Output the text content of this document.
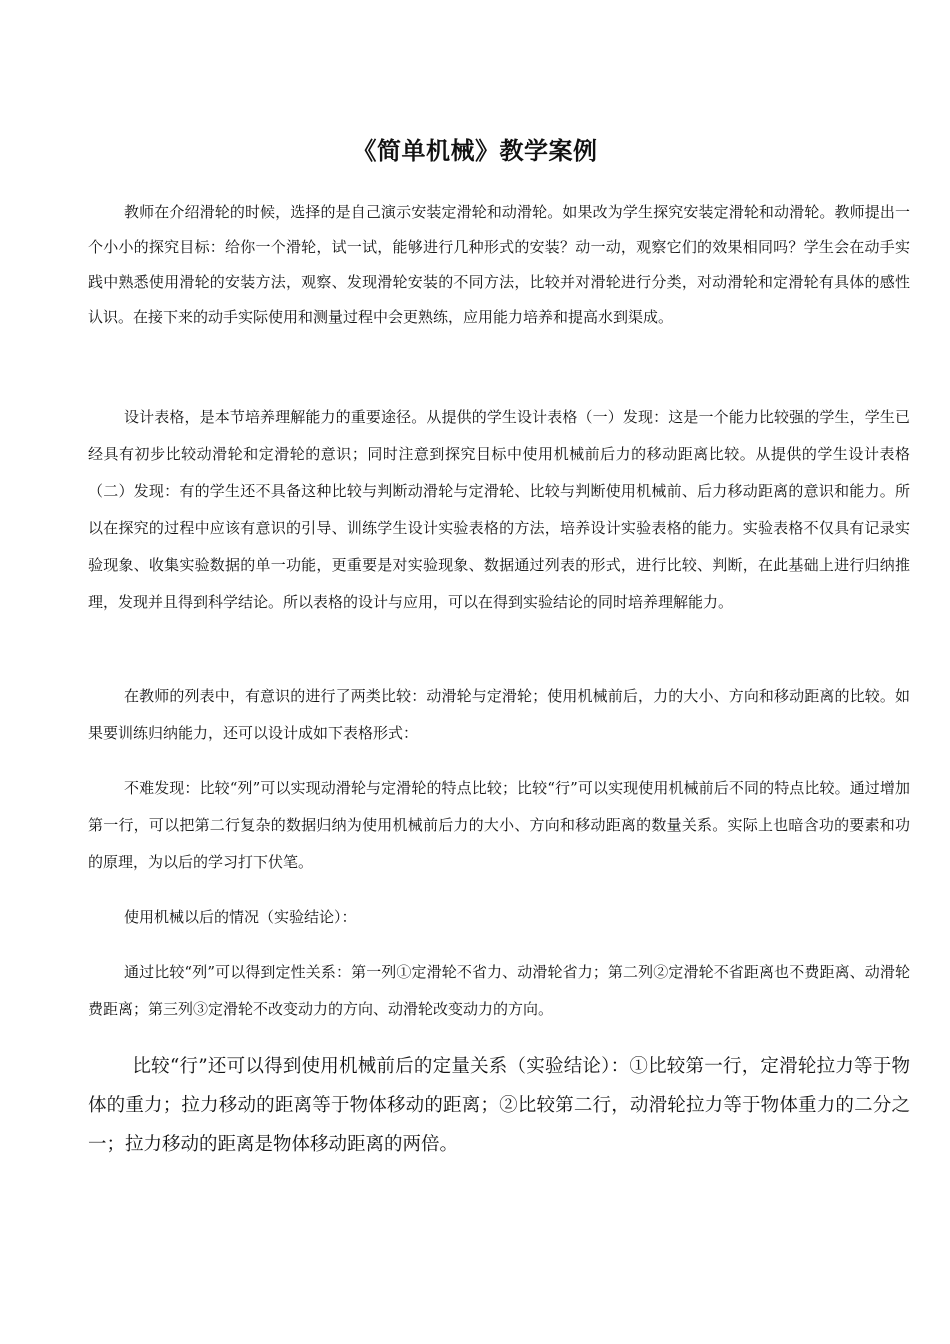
《简单机械》教学案例

教师在介绍滑轮的时候，选择的是自己演示安装定滑轮和动滑轮。如果改为学生探究安装定滑轮和动滑轮。教师提出一个小小的探究目标：给你一个滑轮，试一试，能够进行几种形式的安装？动一动，观察它们的效果相同吗？学生会在动手实践中熟悉使用滑轮的安装方法，观察、发现滑轮安装的不同方法，比较并对滑轮进行分类，对动滑轮和定滑轮有具体的感性认识。在接下来的动手实际使用和测量过程中会更熟练，应用能力培养和提高水到渠成。

设计表格，是本节培养理解能力的重要途径。从提供的学生设计表格（一）发现：这是一个能力比较强的学生，学生已经具有初步比较动滑轮和定滑轮的意识；同时注意到探究目标中使用机械前后力的移动距离比较。从提供的学生设计表格（二）发现：有的学生还不具备这种比较与判断动滑轮与定滑轮、比较与判断使用机械前、后力移动距离的意识和能力。所以在探究的过程中应该有意识的引导、训练学生设计实验表格的方法，培养设计实验表格的能力。实验表格不仅具有记录实验现象、收集实验数据的单一功能，更重要是对实验现象、数据通过列表的形式，进行比较、判断，在此基础上进行归纳推理，发现并且得到科学结论。所以表格的设计与应用，可以在得到实验结论的同时培养理解能力。

在教师的列表中，有意识的进行了两类比较：动滑轮与定滑轮；使用机械前后，力的大小、方向和移动距离的比较。如果要训练归纳能力，还可以设计成如下表格形式：

不难发现：比较“列”可以实现动滑轮与定滑轮的特点比较；比较“行”可以实现使用机械前后不同的特点比较。通过增加第一行，可以把第二行复杂的数据归纳为使用机械前后力的大小、方向和移动距离的数量关系。实际上也暗含功的要素和功的原理，为以后的学习打下伏笔。

使用机械以后的情况（实验结论）：

通过比较“列”可以得到定性关系：第一列①定滑轮不省力、动滑轮省力；第二列②定滑轮不省距离也不费距离、动滑轮费距离；第三列③定滑轮不改变动力的方向、动滑轮改变动力的方向。

比较“行”还可以得到使用机械前后的定量关系（实验结论）：①比较第一行，定滑轮拉力等于物体的重力；拉力移动的距离等于物体移动的距离；②比较第二行，动滑轮拉力等于物体重力的二分之一；拉力移动的距离是物体移动距离的两倍。
